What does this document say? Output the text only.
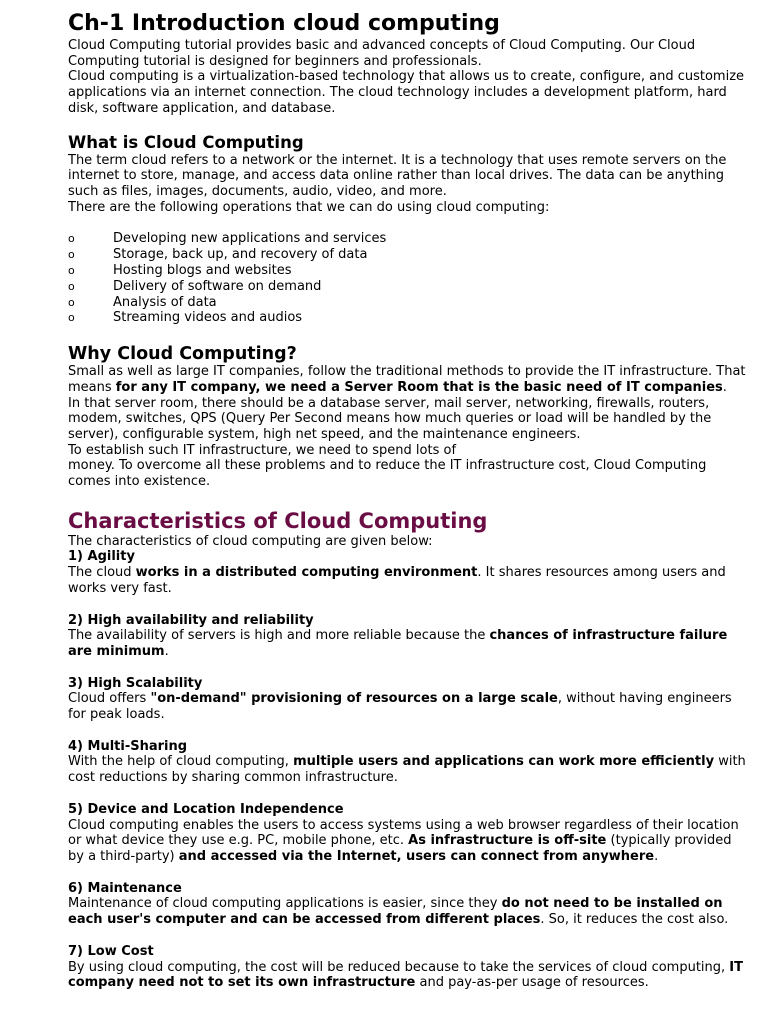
Ch-1 Introduction cloud computing

Cloud Computing tutorial provides basic and advanced concepts of Cloud Computing. Our Cloud Computing tutorial is designed for beginners and professionals.

Cloud computing is a virtualization-based technology that allows us to create, configure, and customize applications via an internet connection. The cloud technology includes a development platform, hard disk, software application, and database.

What is Cloud Computing

The term cloud refers to a network or the internet. It is a technology that uses remote servers on the internet to store, manage, and access data online rather than local drives. The data can be anything such as files, images, documents, audio, video, and more.

There are the following operations that we can do using cloud computing:

o	Developing new applications and services
o	Storage, back up, and recovery of data
o	Hosting blogs and websites
o	Delivery of software on demand
o	Analysis of data
o	Streaming videos and audios
Why Cloud Computing?

Small as well as large IT companies, follow the traditional methods to provide the IT infrastructure. That means for any IT company, we need a Server Room that is the basic need of IT companies.

In that server room, there should be a database server, mail server, networking, firewalls, routers, modem, switches, QPS (Query Per Second means how much queries or load will be handled by the server), configurable system, high net speed, and the maintenance engineers.

To establish such IT infrastructure, we need to spend lots of
money. To overcome all these problems and to reduce the IT infrastructure cost, Cloud Computing comes into existence.

Characteristics of Cloud Computing

The characteristics of cloud computing are given below:

1) Agility

The cloud works in a distributed computing environment. It shares resources among users and works very fast.

2) High availability and reliability

The availability of servers is high and more reliable because the chances of infrastructure failure are minimum.

3) High Scalability

Cloud offers "on-demand" provisioning of resources on a large scale, without having engineers for peak loads.

4) Multi-Sharing

With the help of cloud computing, multiple users and applications can work more efficiently with cost reductions by sharing common infrastructure.

5) Device and Location Independence

Cloud computing enables the users to access systems using a web browser regardless of their location or what device they use e.g. PC, mobile phone, etc. As infrastructure is off-site (typically provided by a third-party) and accessed via the Internet, users can connect from anywhere.

6) Maintenance

Maintenance of cloud computing applications is easier, since they do not need to be installed on each user's computer and can be accessed from different places. So, it reduces the cost also.

7) Low Cost

By using cloud computing, the cost will be reduced because to take the services of cloud computing, IT company need not to set its own infrastructure and pay-as-per usage of resources.
